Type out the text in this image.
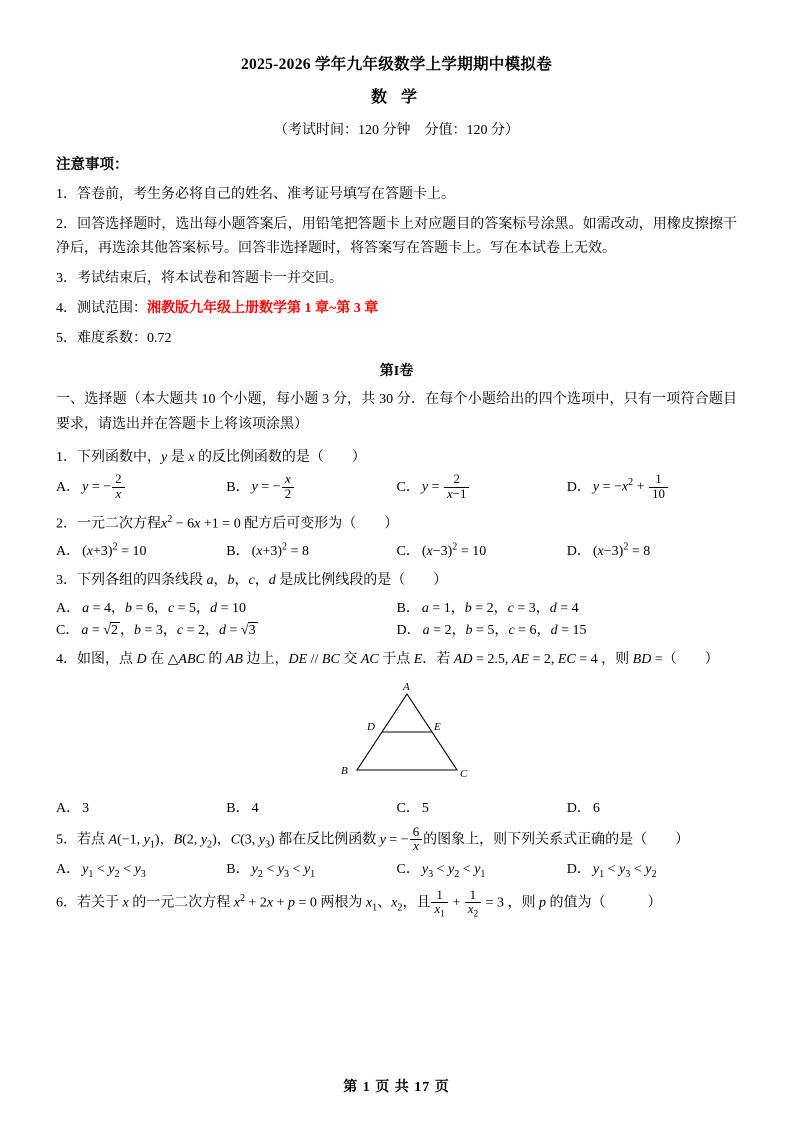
2025-2026 学年九年级数学上学期期中模拟卷
数 学
（考试时间：120 分钟　分值：120 分）
注意事项：
1．答卷前，考生务必将自己的姓名、准考证号填写在答题卡上。
2．回答选择题时，选出每小题答案后，用铅笔把答题卡上对应题目的答案标号涂黑。如需改动，用橡皮擦擦干净后，再选涂其他答案标号。回答非选择题时，将答案写在答题卡上。写在本试卷上无效。
3．考试结束后，将本试卷和答题卡一并交回。
4．测试范围：湘教版九年级上册数学第 1 章~第 3 章
5．难度系数：0.72
第I卷
一、选择题（本大题共 10 个小题，每小题 3 分，共 30 分．在每个小题给出的四个选项中，只有一项符合题目要求，请选出并在答题卡上将该项涂黑）
1．下列函数中，y 是 x 的反比例函数的是（　　）
A． y = − $\frac{2}{x}$	B． y = − $\frac{x}{2}$	C． $y = \frac{2}{x-1}$	D． $y = -x^2 + \frac{1}{10}$
2．一元二次方程$x^2 - 6x +1 = 0$ 配方后可变形为（　　）
A． $(x+3)^2 = 10$	B． $(x+3)^2 = 8$	C． $(x-3)^2 = 10$	D． $(x-3)^2 = 8$
3．下列各组的四条线段 a，b，c，d 是成比例线段的是（　　）
A． a = 4，b = 6，c = 5，d = 10	B． a = 1，b = 2，c = 3，d = 4
C． a = √2 ，b = 3，c = 2，d = √3	D． a = 2，b = 5，c = 6，d = 15
4．如图，点 D 在 △ABC 的 AB 边上，DE // BC 交 AC 于点 E．若 AD = 2.5, AE = 2, EC = 4 ，则 BD =（　　）
A
D	E
B	C
A． 3	B． 4	C． 5	D． 6
5．若点 A(−1, $y_1$)，B(2, $y_2$)，C(3, $y_3$) 都在反比例函数 y = − $\frac{6}{x}$ 的图象上，则下列关系式正确的是（　　）
A． $y_1 < y_2 < y_3$	B． $y_2 < y_3 < y_1$	C． $y_3 < y_2 < y_1$	D． $y_1 < y_3 < y_2$
6．若关于 x 的一元二次方程 $x^2 + 2x + p = 0$ 两根为 $x_1$、$x_2$，且 $\frac{1}{x_1} + \frac{1}{x_2} = 3$ ，则 p 的值为（　　　）
第 1 页 共 17 页
